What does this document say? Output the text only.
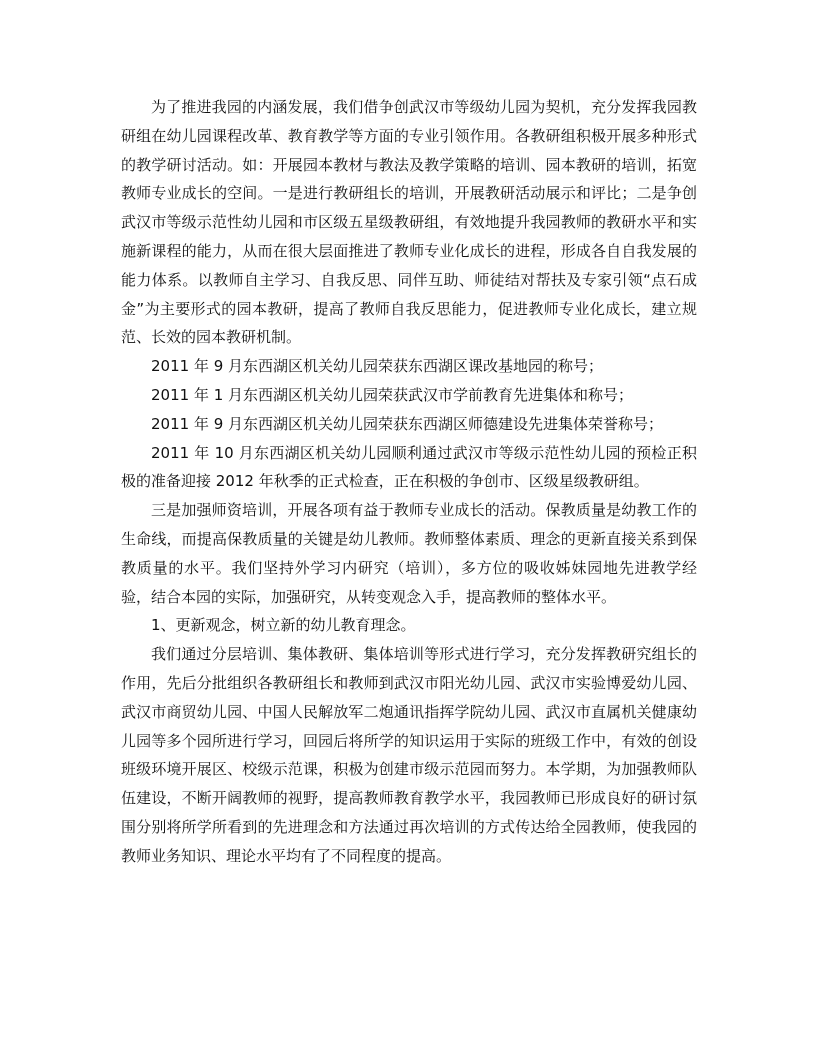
为了推进我园的内涵发展，我们借争创武汉市等级幼儿园为契机，充分发挥我园教研组在幼儿园课程改革、教育教学等方面的专业引领作用。各教研组积极开展多种形式的教学研讨活动。如：开展园本教材与教法及教学策略的培训、园本教研的培训，拓宽教师专业成长的空间。一是进行教研组长的培训，开展教研活动展示和评比；二是争创武汉市等级示范性幼儿园和市区级五星级教研组，有效地提升我园教师的教研水平和实施新课程的能力，从而在很大层面推进了教师专业化成长的进程，形成各自自我发展的能力体系。以教师自主学习、自我反思、同伴互助、师徒结对帮扶及专家引领“点石成金”为主要形式的园本教研，提高了教师自我反思能力，促进教师专业化成长，建立规范、长效的园本教研机制。

2011 年 9 月东西湖区机关幼儿园荣获东西湖区课改基地园的称号；

2011 年 1 月东西湖区机关幼儿园荣获武汉市学前教育先进集体和称号；

2011 年 9 月东西湖区机关幼儿园荣获东西湖区师德建设先进集体荣誉称号；

2011 年 10 月东西湖区机关幼儿园顺利通过武汉市等级示范性幼儿园的预检正积极的准备迎接 2012 年秋季的正式检查，正在积极的争创市、区级星级教研组。

三是加强师资培训，开展各项有益于教师专业成长的活动。保教质量是幼教工作的生命线，而提高保教质量的关键是幼儿教师。教师整体素质、理念的更新直接关系到保教质量的水平。我们坚持外学习内研究（培训），多方位的吸收姊妹园地先进教学经验，结合本园的实际，加强研究，从转变观念入手，提高教师的整体水平。

1、更新观念，树立新的幼儿教育理念。

我们通过分层培训、集体教研、集体培训等形式进行学习，充分发挥教研究组长的作用，先后分批组织各教研组长和教师到武汉市阳光幼儿园、武汉市实验博爱幼儿园、武汉市商贸幼儿园、中国人民解放军二炮通讯指挥学院幼儿园、武汉市直属机关健康幼儿园等多个园所进行学习，回园后将所学的知识运用于实际的班级工作中，有效的创设班级环境开展区、校级示范课，积极为创建市级示范园而努力。本学期，为加强教师队伍建设，不断开阔教师的视野，提高教师教育教学水平，我园教师已形成良好的研讨氛围分别将所学所看到的先进理念和方法通过再次培训的方式传达给全园教师，使我园的教师业务知识、理论水平均有了不同程度的提高。
